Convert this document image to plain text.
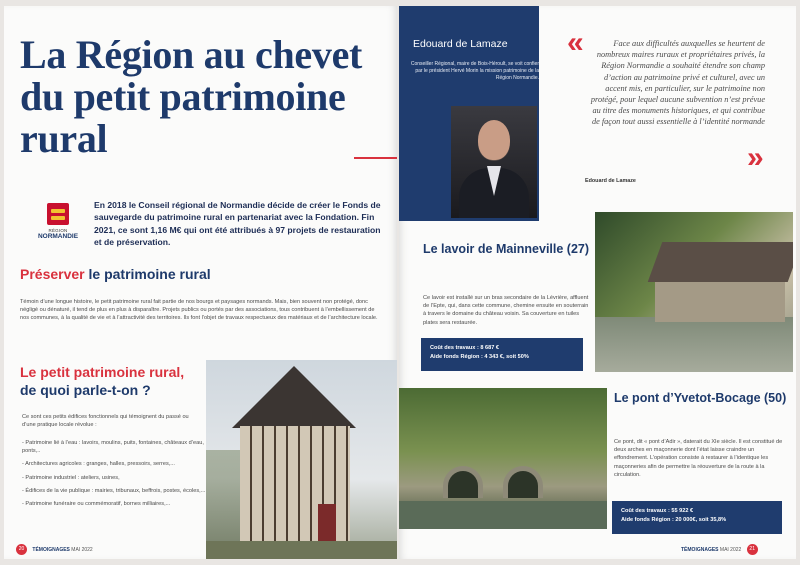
La Région au chevet du petit patrimoine rural
RÉGION
NORMANDIE

En 2018 le Conseil régional de Normandie décide de créer le Fonds de sauvegarde du patrimoine rural en partenariat avec la Fondation. Fin 2021, ce sont 1,16 M€ qui ont été attribués à 97 projets de restauration et de préservation.

Préserver le patrimoine rural

Témoin d’une longue histoire, le petit patrimoine rural fait partie de nos bourgs et paysages normands. Mais, bien souvent non protégé, donc négligé ou dénaturé, il tend de plus en plus à disparaître. Projets publics ou portés par des associations, tous contribuent à l’embellissement de nos communes, à la qualité de vie et à l’attractivité des territoires. Ils font l’objet de travaux respectueux des matériaux et de l’architecture locale.

Le petit patrimoine rural,
de quoi parle-t-on ?

Ce sont ces petits édifices fonctionnels qui témoignent du passé ou d’une pratique locale révolue :

- Patrimoine lié à l’eau : lavoirs, moulins, puits, fontaines, châteaux d’eau, ponts,..
- Architectures agricoles : granges, halles, pressoirs, serres,...
- Patrimoine industriel : ateliers, usines,
- Édifices de la vie publique : mairies, tribunaux, beffrois, postes, écoles,...
- Patrimoine funéraire ou commémoratif, bornes milliaires,...
20 TÉMOIGNAGES MAI 2022
Edouard de Lamaze
Conseiller Régional, maire de Bois-Héroult, se voit confier par le président Hervé Morin la mission patrimoine de la Région Normandie.
«	Face aux difficultés auxquelles se heurtent de nombreux maires ruraux et propriétaires privés, la Région Normandie a souhaité étendre son champ d’action au patrimoine privé et culturel, avec un accent mis, en particulier, sur le patrimoine non protégé, pour lequel aucune subvention n’est prévue au titre des monuments historiques, et qui contribue de façon tout aussi essentielle à l’identité normande

»
Edouard de Lamaze
Le lavoir de Mainneville (27)

Ce lavoir est installé sur un bras secondaire de la Lévrière, affluent de l’Epte, qui, dans cette commune, chemine ensuite en souterrain à travers le domaine du château voisin. Sa couverture en tuiles plates sera restaurée.

Coût des travaux : 8 687 €
Aide fonds Région : 4 343 €, soit 50%
Le pont d’Yvetot-Bocage (50)

Ce pont, dit « pont d’Adir », daterait du XIe siècle. Il est constitué de deux arches en maçonnerie dont l’état laisse craindre un effondrement. L’opération consiste à restaurer à l’identique les maçonneries afin de permettre la réouverture de la route à la circulation.

Coût des travaux : 55 922 €
Aide fonds Région : 20 000€, soit 35,8%
TÉMOIGNAGES MAI 2022 21
